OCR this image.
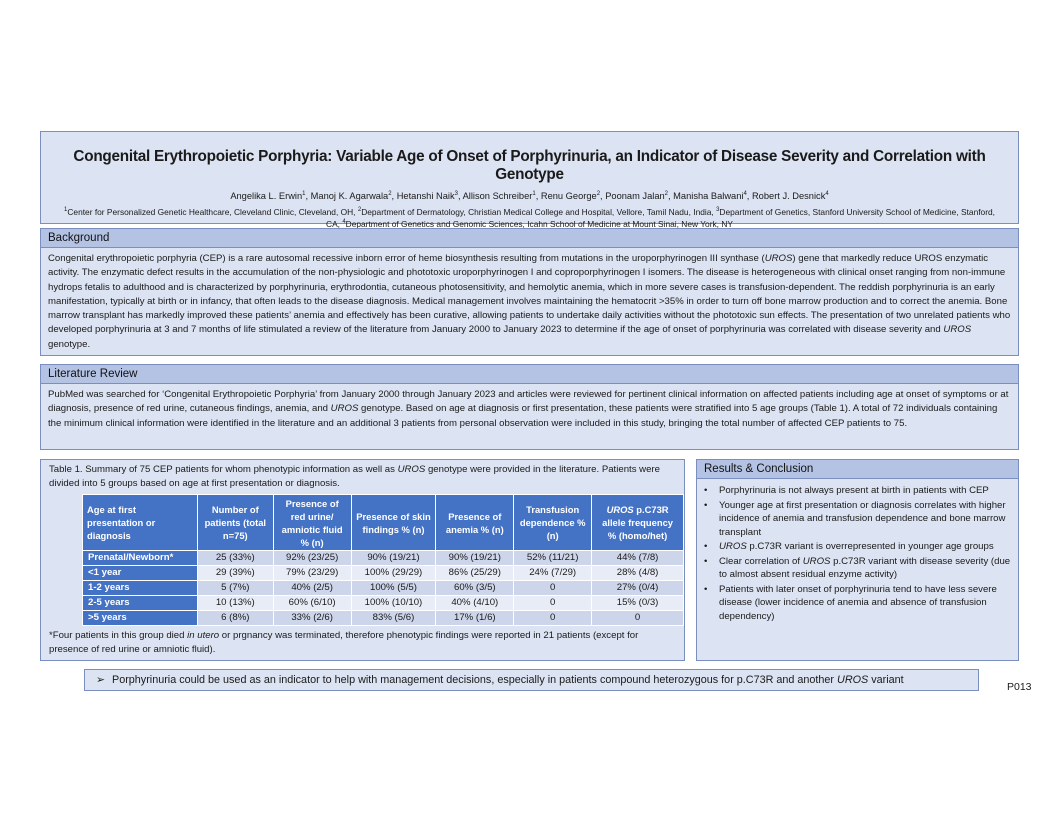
Congenital Erythropoietic Porphyria: Variable Age of Onset of Porphyrinuria, an Indicator of Disease Severity and Correlation with Genotype
Angelika L. Erwin$^1$, Manoj K. Agarwala$^2$, Hetanshi Naik$^3$, Allison Schreiber$^1$, Renu George$^2$, Poonam Jalan$^2$, Manisha Balwani$^4$, Robert J. Desnick$^4$
$^1$Center for Personalized Genetic Healthcare, Cleveland Clinic, Cleveland, OH, $^2$Department of Dermatology, Christian Medical College and Hospital, Vellore, Tamil Nadu, India, $^3$Department of Genetics, Stanford University School of Medicine, Stanford, CA, $^4$Department of Genetics and Genomic Sciences, Icahn School of Medicine at Mount Sinai, New York, NY
Background
Congenital erythropoietic porphyria (CEP) is a rare autosomal recessive inborn error of heme biosynthesis resulting from mutations in the uroporphyrinogen III synthase (UROS) gene that markedly reduce UROS enzymatic activity. The enzymatic defect results in the accumulation of the non-physiologic and phototoxic uroporphyrinogen I and coproporphyrinogen I isomers. The disease is heterogeneous with clinical onset ranging from non-immune hydrops fetalis to adulthood and is characterized by porphyrinuria, erythrodontia, cutaneous photosensitivity, and hemolytic anemia, which in more severe cases is transfusion-dependent. The reddish porphyrinuria is an early manifestation, typically at birth or in infancy, that often leads to the disease diagnosis. Medical management involves maintaining the hematocrit >35% in order to turn off bone marrow production and to correct the anemia. Bone marrow transplant has markedly improved these patients’ anemia and effectively has been curative, allowing patients to undertake daily activities without the phototoxic sun effects. The presentation of two unrelated patients who developed porphyrinuria at 3 and 7 months of life stimulated a review of the literature from January 2000 to January 2023 to determine if the age of onset of porphyrinuria was correlated with disease severity and UROS genotype.
Literature Review
PubMed was searched for ‘Congenital Erythropoietic Porphyria’ from January 2000 through January 2023 and articles were reviewed for pertinent clinical information on affected patients including age at onset of symptoms or at diagnosis, presence of red urine, cutaneous findings, anemia, and UROS genotype. Based on age at diagnosis or first presentation, these patients were stratified into 5 age groups (Table 1). A total of 72 individuals containing the minimum clinical information were identified in the literature and an additional 3 patients from personal observation were included in this study, bringing the total number of affected CEP patients to 75.
Table 1. Summary of 75 CEP patients for whom phenotypic information as well as UROS genotype were provided in the literature. Patients were divided into 5 groups based on age at first presentation or diagnosis.
Age at first presentation or diagnosis	Number of patients (total n=75)	Presence of red urine/ amniotic fluid % (n)	Presence of skin findings % (n)	Presence of anemia % (n)	Transfusion dependence % (n)	UROS p.C73R allele frequency
% (homo/het)
Prenatal/Newborn*	25 (33%)	92% (23/25)	90% (19/21)	90% (19/21)	52% (11/21)	44% (7/8)
<1 year	29 (39%)	79% (23/29)	100% (29/29)	86% (25/29)	24% (7/29)	28% (4/8)
1-2 years	5 (7%)	40% (2/5)	100% (5/5)	60% (3/5)	0	27% (0/4)
2-5 years	10 (13%)	60% (6/10)	100% (10/10)	40% (4/10)	0	15% (0/3)
>5 years	6 (8%)	33% (2/6)	83% (5/6)	17% (1/6)	0	0
*Four patients in this group died in utero or prgnancy was terminated, therefore phenotypic findings were reported in 21 patients (except for presence of red urine or amniotic fluid).
Results & Conclusion
• Porphyrinuria is not always present at birth in patients with CEP
• Younger age at first presentation or diagnosis correlates with higher incidence of anemia and transfusion dependence and bone marrow transplant
• UROS p.C73R variant is overrepresented in younger age groups
• Clear correlation of UROS p.C73R variant with disease severity (due to almost absent residual enzyme activity)
• Patients with later onset of porphyrinuria tend to have less severe disease (lower incidence of anemia and absence of transfusion dependency)
➢ Porphyrinuria could be used as an indicator to help with management decisions, especially in patients compound heterozygous for p.C73R and another UROS variant
P013
